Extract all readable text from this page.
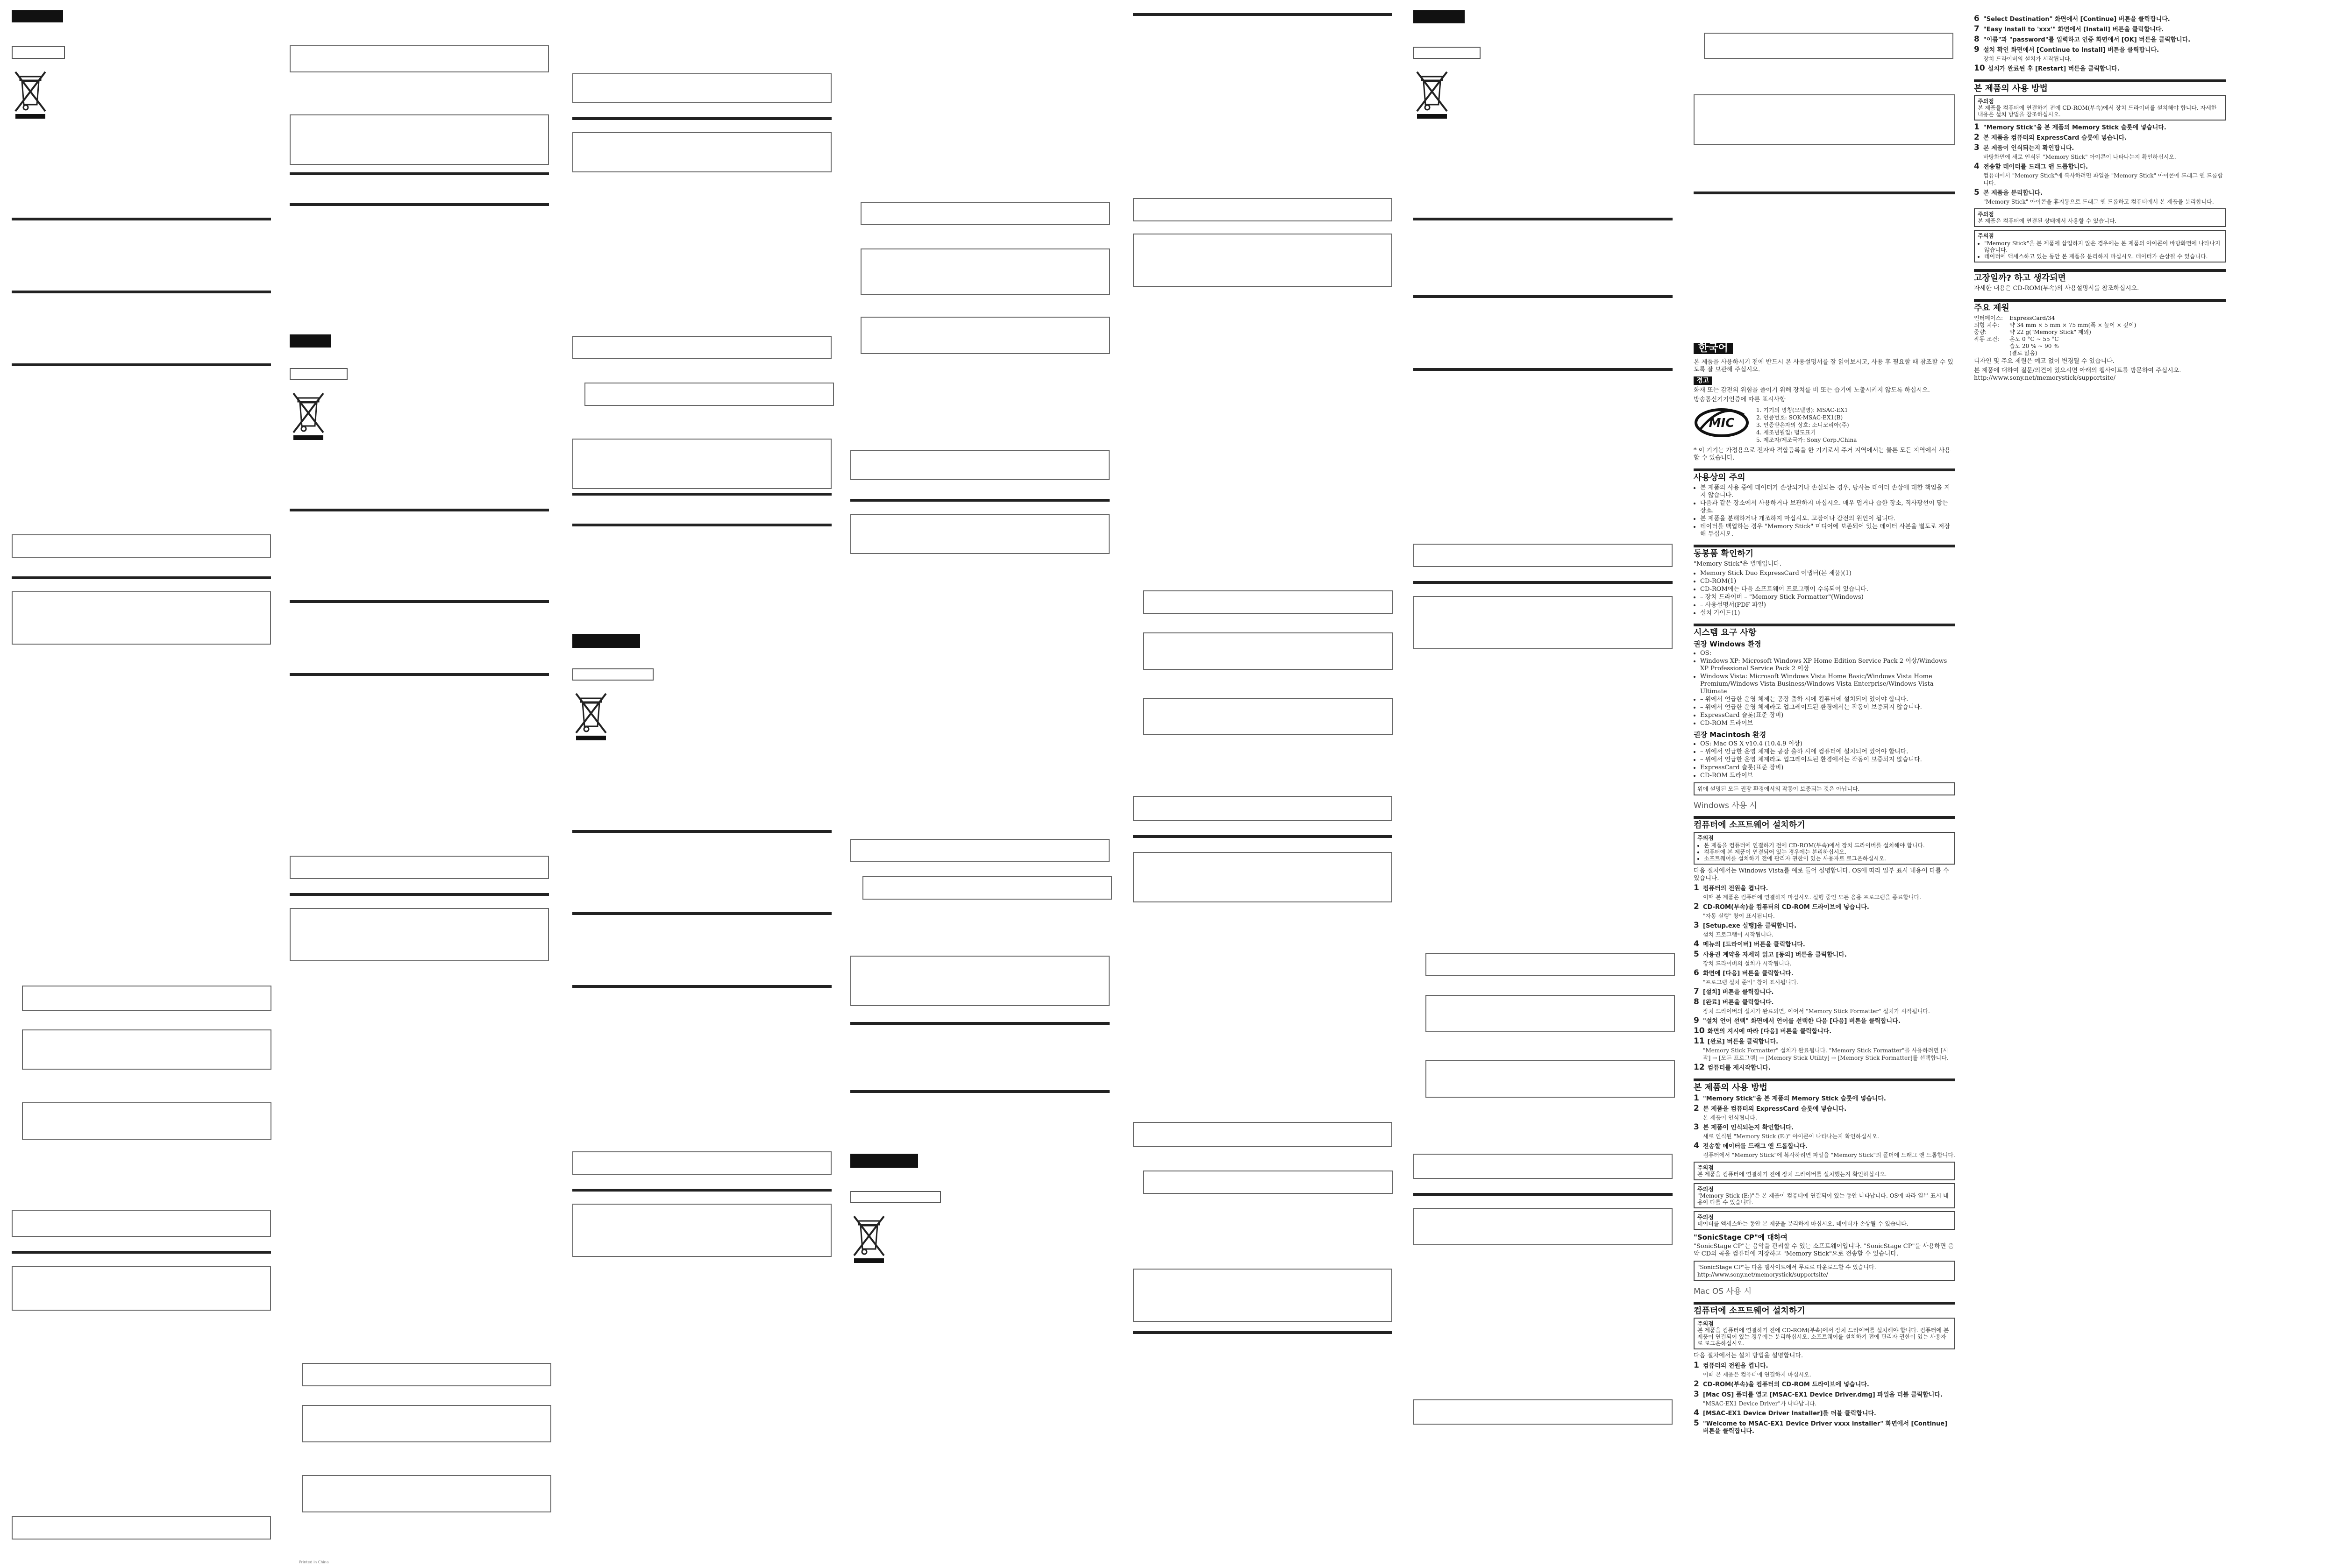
한국어

본 제품을 사용하시기 전에 반드시 본 사용설명서를 잘 읽어보시고, 사용 후 필요할 때 참조할 수 있도록 잘 보관해 주십시오.

경고

화재 또는 감전의 위험을 줄이기 위해 장치를 비 또는 습기에 노출시키지 않도록 하십시오.

방송통신기기인증에 따른 표시사항

MIC
1. 기기의 명칭(모델명): MSAC-EX1
2. 인증번호: SOK-MSAC-EX1(B)
3. 인증받은자의 상호: 소니코리아(주)
4. 제조년월일: 별도표기
5. 제조자/제조국가: Sony Corp./China

* 이 기기는 가정용으로 전자파 적합등록을 한 기기로서 주거 지역에서는 물론 모든 지역에서 사용할 수 있습니다.

사용상의 주의
• 본 제품의 사용 중에 데이터가 손상되거나 손실되는 경우, 당사는 데이터 손상에 대한 책임을 지지 않습니다.
• 다음과 같은 장소에서 사용하거나 보관하지 마십시오. 매우 덥거나 습한 장소, 직사광선이 닿는 장소.
• 본 제품을 분해하거나 개조하지 마십시오. 고장이나 감전의 원인이 됩니다.
• 데이터를 백업하는 경우 "Memory Stick" 미디어에 보존되어 있는 데이터 사본을 별도로 저장해 두십시오.
동봉품 확인하기

"Memory Stick"은 별매입니다.

• Memory Stick Duo ExpressCard 어댑터(본 제품)(1)
• CD-ROM(1)
• CD-ROM에는 다음 소프트웨어 프로그램이 수록되어 있습니다.
• – 장치 드라이버 – "Memory Stick Formatter"(Windows)
• – 사용설명서(PDF 파일)
• 설치 가이드(1)
시스템 요구 사항
권장 Windows 환경
• OS:
• Windows XP: Microsoft Windows XP Home Edition Service Pack 2 이상/Windows XP Professional Service Pack 2 이상
• Windows Vista: Microsoft Windows Vista Home Basic/Windows Vista Home Premium/Windows Vista Business/Windows Vista Enterprise/Windows Vista Ultimate
• – 위에서 언급한 운영 체제는 공장 출하 시에 컴퓨터에 설치되어 있어야 합니다.
• – 위에서 언급한 운영 체제라도 업그레이드된 환경에서는 작동이 보증되지 않습니다.
• ExpressCard 슬롯(표준 장비)
• CD-ROM 드라이브
권장 Macintosh 환경
• OS: Mac OS X v10.4 (10.4.9 이상)
• – 위에서 언급한 운영 체제는 공장 출하 시에 컴퓨터에 설치되어 있어야 합니다.
• – 위에서 언급한 운영 체제라도 업그레이드된 환경에서는 작동이 보증되지 않습니다.
• ExpressCard 슬롯(표준 장비)
• CD-ROM 드라이브
위에 설명된 모든 권장 환경에서의 작동이 보증되는 것은 아닙니다.
Windows 사용 시
컴퓨터에 소프트웨어 설치하기
주의점
• 본 제품을 컴퓨터에 연결하기 전에 CD-ROM(부속)에서 장치 드라이버를 설치해야 합니다.
• 컴퓨터에 본 제품이 연결되어 있는 경우에는 분리하십시오.
• 소프트웨어를 설치하기 전에 관리자 권한이 있는 사용자로 로그온하십시오.

다음 절차에서는 Windows Vista를 예로 들어 설명합니다. OS에 따라 일부 표시 내용이 다를 수 있습니다.

1 컴퓨터의 전원을 켭니다.
이때 본 제품은 컴퓨터에 연결하지 마십시오. 실행 중인 모든 응용 프로그램을 종료합니다.
2 CD-ROM(부속)을 컴퓨터의 CD-ROM 드라이브에 넣습니다.
"자동 실행" 창이 표시됩니다.
3 [Setup.exe 실행]을 클릭합니다.
설치 프로그램이 시작됩니다.
4 메뉴의 [드라이버] 버튼을 클릭합니다.
5 사용권 계약을 자세히 읽고 [동의] 버튼을 클릭합니다.
장치 드라이버의 설치가 시작됩니다.
6 화면에 [다음] 버튼을 클릭합니다.
"프로그램 설치 준비" 창이 표시됩니다.
7 [설치] 버튼을 클릭합니다.
8 [완료] 버튼을 클릭합니다.
장치 드라이버의 설치가 완료되면, 이어서 "Memory Stick Formatter" 설치가 시작됩니다.
9 "설치 언어 선택" 화면에서 언어를 선택한 다음 [다음] 버튼을 클릭합니다.
10 화면의 지시에 따라 [다음] 버튼을 클릭합니다.
11 [완료] 버튼을 클릭합니다.
"Memory Stick Formatter" 설치가 완료됩니다. "Memory Stick Formatter"를 사용하려면 [시작] → [모든 프로그램] → [Memory Stick Utility] → [Memory Stick Formatter]를 선택합니다.
12 컴퓨터를 재시작합니다.
본 제품의 사용 방법
1 "Memory Stick"을 본 제품의 Memory Stick 슬롯에 넣습니다.
2 본 제품을 컴퓨터의 ExpressCard 슬롯에 넣습니다.
본 제품이 인식됩니다.
3 본 제품이 인식되는지 확인합니다.
새로 인식된 "Memory Stick (E:)" 아이콘이 나타나는지 확인하십시오.
4 전송할 데이터를 드래그 앤 드롭합니다.
컴퓨터에서 "Memory Stick"에 복사하려면 파일을 "Memory Stick"의 폴더에 드래그 앤 드롭합니다.
주의점
본 제품을 컴퓨터에 연결하기 전에 장치 드라이버를 설치했는지 확인하십시오.
주의점
"Memory Stick (E:)"은 본 제품이 컴퓨터에 연결되어 있는 동안 나타납니다. OS에 따라 일부 표시 내용이 다를 수 있습니다.
주의점
데이터를 액세스하는 동안 본 제품을 분리하지 마십시오. 데이터가 손상될 수 있습니다.
"SonicStage CP"에 대하여

"SonicStage CP"는 음악을 관리할 수 있는 소프트웨어입니다. "SonicStage CP"를 사용하면 음악 CD의 곡을 컴퓨터에 저장하고 "Memory Stick"으로 전송할 수 있습니다.

"SonicStage CP"는 다음 웹사이트에서 무료로 다운로드할 수 있습니다. http://www.sony.net/memorystick/supportsite/
Mac OS 사용 시
컴퓨터에 소프트웨어 설치하기
주의점
본 제품을 컴퓨터에 연결하기 전에 CD-ROM(부속)에서 장치 드라이버를 설치해야 합니다. 컴퓨터에 본 제품이 연결되어 있는 경우에는 분리하십시오. 소프트웨어를 설치하기 전에 관리자 권한이 있는 사용자로 로그온하십시오.

다음 절차에서는 설치 방법을 설명합니다.

1 컴퓨터의 전원을 켭니다.
이때 본 제품은 컴퓨터에 연결하지 마십시오.
2 CD-ROM(부속)을 컴퓨터의 CD-ROM 드라이브에 넣습니다.
3 [Mac OS] 폴더를 열고 [MSAC-EX1 Device Driver.dmg] 파일을 더블 클릭합니다.
"MSAC-EX1 Device Driver"가 나타납니다.
4 [MSAC-EX1 Device Driver Installer]를 더블 클릭합니다.
5 "Welcome to MSAC-EX1 Device Driver vxxx installer" 화면에서 [Continue] 버튼을 클릭합니다.
6 "Select Destination" 화면에서 [Continue] 버튼을 클릭합니다.
7 "Easy Install to 'xxx'" 화면에서 [Install] 버튼을 클릭합니다.
8 "이름"과 "password"를 입력하고 인증 화면에서 [OK] 버튼을 클릭합니다.
9 설치 확인 화면에서 [Continue to Install] 버튼을 클릭합니다.
장치 드라이버의 설치가 시작됩니다.
10 설치가 완료된 후 [Restart] 버튼을 클릭합니다.
본 제품의 사용 방법
주의점
본 제품을 컴퓨터에 연결하기 전에 CD-ROM(부속)에서 장치 드라이버를 설치해야 합니다. 자세한 내용은 설치 방법을 참조하십시오.
1 "Memory Stick"을 본 제품의 Memory Stick 슬롯에 넣습니다.
2 본 제품을 컴퓨터의 ExpressCard 슬롯에 넣습니다.
3 본 제품이 인식되는지 확인합니다.
바탕화면에 새로 인식된 "Memory Stick" 아이콘이 나타나는지 확인하십시오.
4 전송할 데이터를 드래그 앤 드롭합니다.
컴퓨터에서 "Memory Stick"에 복사하려면 파일을 "Memory Stick" 아이콘에 드래그 앤 드롭합니다.
5 본 제품을 분리합니다.
"Memory Stick" 아이콘을 휴지통으로 드래그 앤 드롭하고 컴퓨터에서 본 제품을 분리합니다.
주의점
본 제품은 컴퓨터에 연결된 상태에서 사용할 수 있습니다.
주의점
• "Memory Stick"을 본 제품에 삽입하지 않은 경우에는 본 제품의 아이콘이 바탕화면에 나타나지 않습니다.
• 데이터에 액세스하고 있는 동안 본 제품을 분리하지 마십시오. 데이터가 손상될 수 있습니다.
고장일까? 하고 생각되면

자세한 내용은 CD-ROM(부속)의 사용설명서를 참조하십시오.

주요 제원
인터페이스:	ExpressCard/34
외형 치수:	약 34 mm × 5 mm × 75 mm(폭 × 높이 × 깊이)
중량:	약 22 g("Memory Stick" 제외)
작동 조건:	온도 0 °C ~ 55 °C
습도 20 % ~ 90 %
(결로 없음)

디자인 및 주요 제원은 예고 없이 변경될 수 있습니다.

본 제품에 대하여 질문/의견이 있으시면 아래의 웹사이트를 방문하여 주십시오. http://www.sony.net/memorystick/supportsite/

Printed in China
